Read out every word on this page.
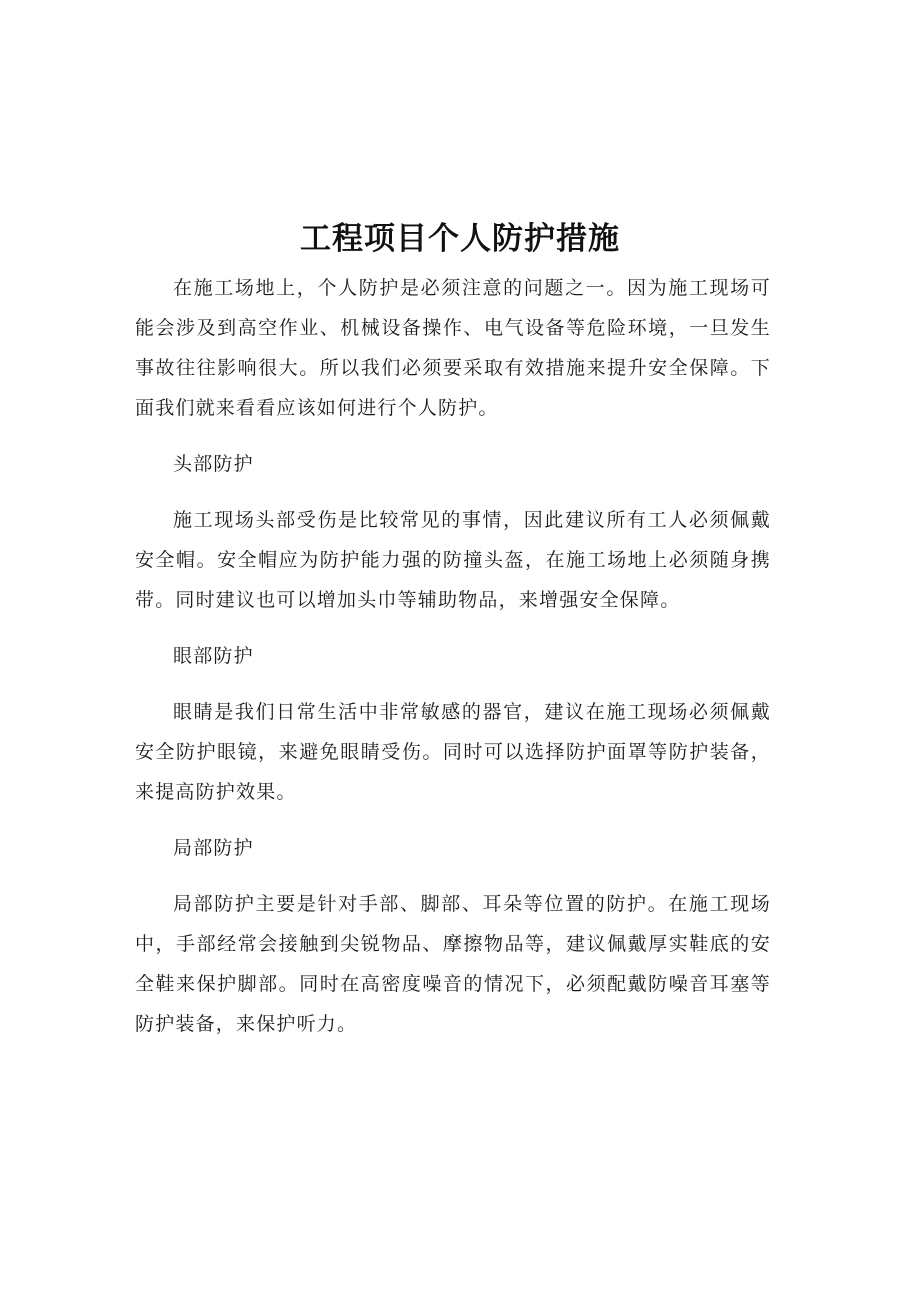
工程项目个人防护措施

在施工场地上，个人防护是必须注意的问题之一。因为施工现场可能会涉及到高空作业、机械设备操作、电气设备等危险环境，一旦发生事故往往影响很大。所以我们必须要采取有效措施来提升安全保障。下面我们就来看看应该如何进行个人防护。

头部防护

施工现场头部受伤是比较常见的事情，因此建议所有工人必须佩戴安全帽。安全帽应为防护能力强的防撞头盔，在施工场地上必须随身携带。同时建议也可以增加头巾等辅助物品，来增强安全保障。

眼部防护

眼睛是我们日常生活中非常敏感的器官，建议在施工现场必须佩戴安全防护眼镜，来避免眼睛受伤。同时可以选择防护面罩等防护装备，来提高防护效果。

局部防护

局部防护主要是针对手部、脚部、耳朵等位置的防护。在施工现场中，手部经常会接触到尖锐物品、摩擦物品等，建议佩戴厚实鞋底的安全鞋来保护脚部。同时在高密度噪音的情况下，必须配戴防噪音耳塞等防护装备，来保护听力。
